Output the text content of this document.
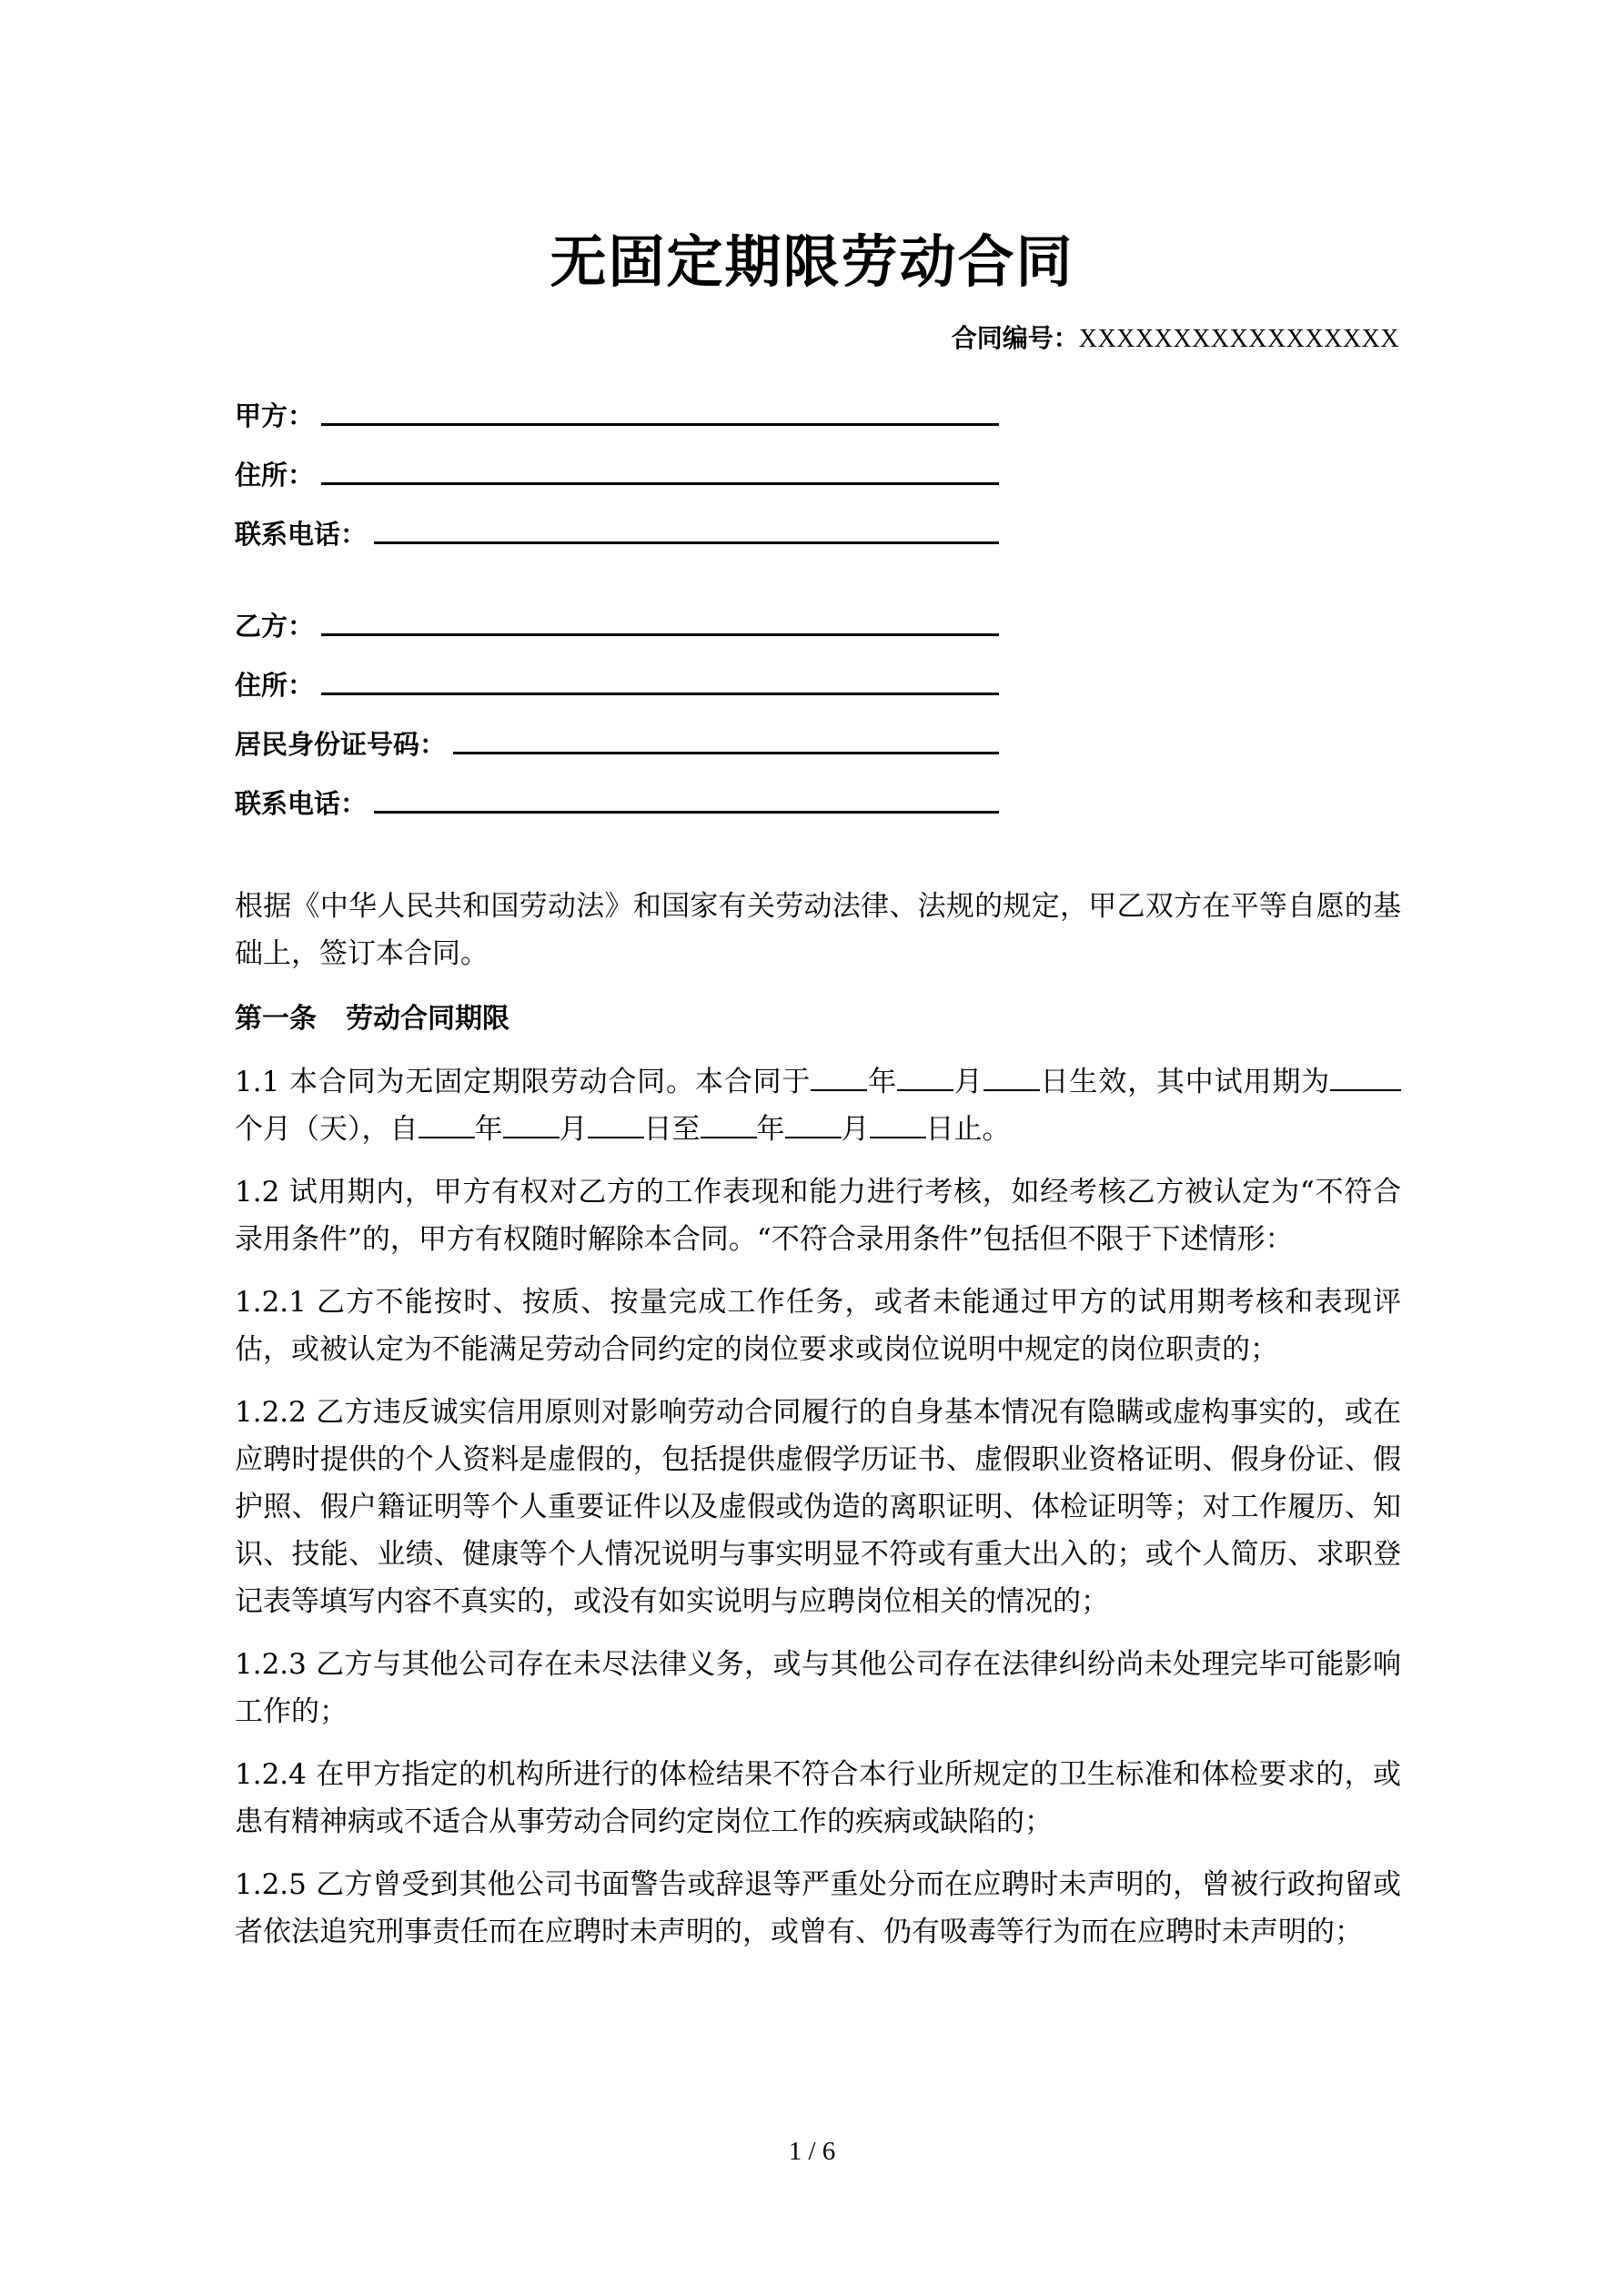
无固定期限劳动合同
合同编号：XXXXXXXXXXXXXXXXX
甲方：
住所：
联系电话：
乙方：
住所：
居民身份证号码：
联系电话：

根据《中华人民共和国劳动法》和国家有关劳动法律、法规的规定，甲乙双方在平等自愿的基础上，签订本合同。

第一条 劳动合同期限

1.1 本合同为无固定期限劳动合同。本合同于 年 月 日生效，其中试用期为个月（天），自 年 月 日至 年 月 日止。

1.2 试用期内，甲方有权对乙方的工作表现和能力进行考核，如经考核乙方被认定为“不符合录用条件”的，甲方有权随时解除本合同。“不符合录用条件”包括但不限于下述情形：

1.2.1 乙方不能按时、按质、按量完成工作任务，或者未能通过甲方的试用期考核和表现评估，或被认定为不能满足劳动合同约定的岗位要求或岗位说明中规定的岗位职责的；

1.2.2 乙方违反诚实信用原则对影响劳动合同履行的自身基本情况有隐瞒或虚构事实的，或在应聘时提供的个人资料是虚假的，包括提供虚假学历证书、虚假职业资格证明、假身份证、假护照、假户籍证明等个人重要证件以及虚假或伪造的离职证明、体检证明等；对工作履历、知识、技能、业绩、健康等个人情况说明与事实明显不符或有重大出入的；或个人简历、求职登记表等填写内容不真实的，或没有如实说明与应聘岗位相关的情况的；

1.2.3 乙方与其他公司存在未尽法律义务，或与其他公司存在法律纠纷尚未处理完毕可能影响工作的；

1.2.4 在甲方指定的机构所进行的体检结果不符合本行业所规定的卫生标准和体检要求的，或患有精神病或不适合从事劳动合同约定岗位工作的疾病或缺陷的；

1.2.5 乙方曾受到其他公司书面警告或辞退等严重处分而在应聘时未声明的，曾被行政拘留或者依法追究刑事责任而在应聘时未声明的，或曾有、仍有吸毒等行为而在应聘时未声明的；

1 / 6
